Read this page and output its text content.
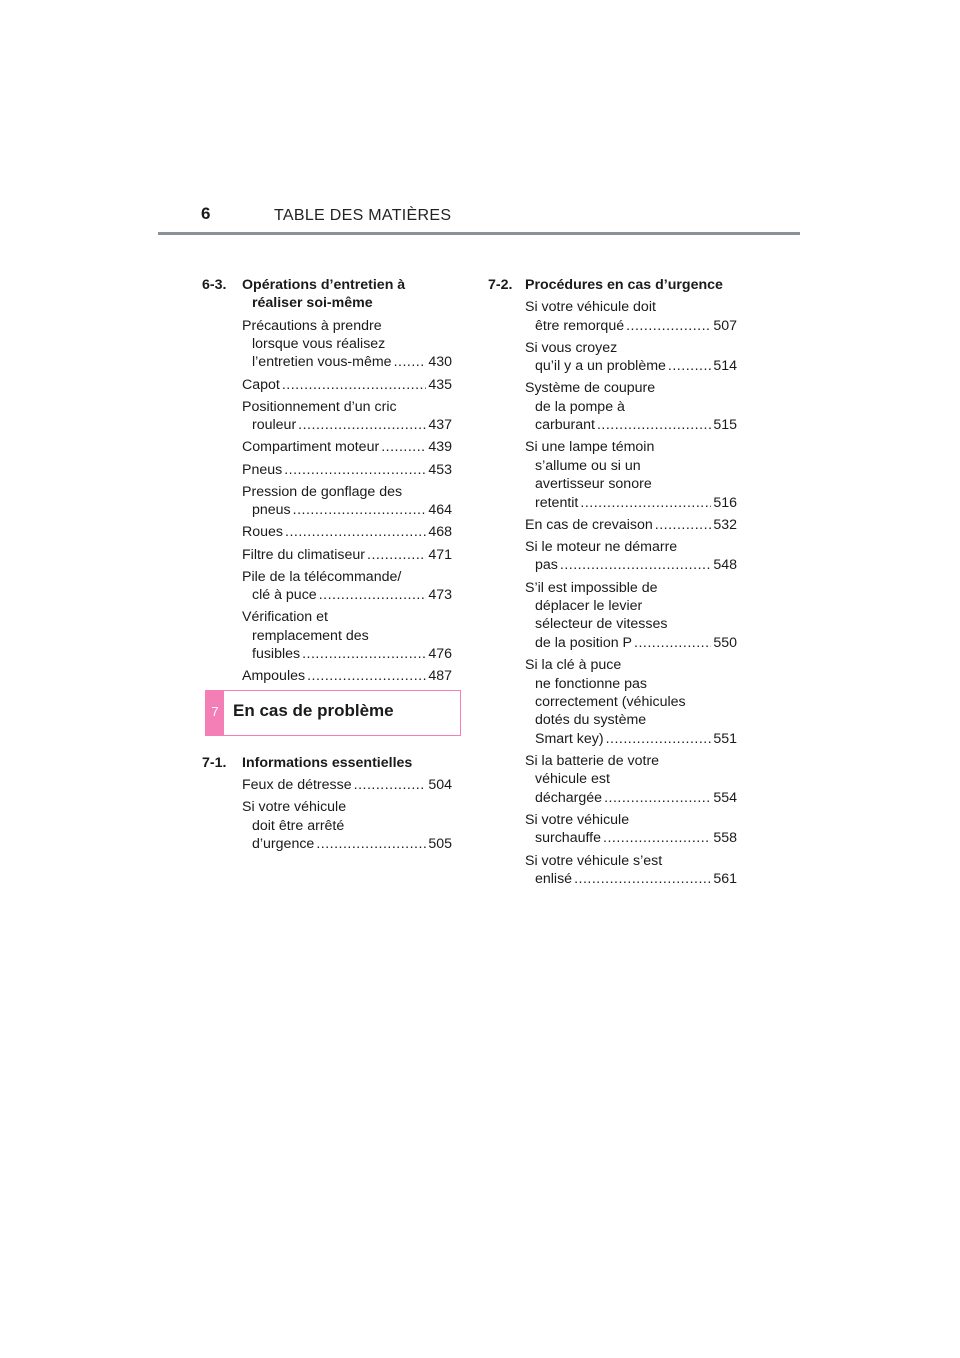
6	TABLE DES MATIÈRES
6-3. Opérations d’entretien à
réaliser soi-même
Précautions à prendre
lorsque vous réalisez
l’entretien vous-même .....	430
Capot .....	435
Positionnement d’un cric
rouleur .....	437
Compartiment moteur .....	439
Pneus .....	453
Pression de gonflage des
pneus .....	464
Roues .....	468
Filtre du climatiseur .....	471
Pile de la télécommande/
clé à puce .....	473
Vérification et
remplacement des
fusibles .....	476
Ampoules .....	487
7 En cas de problème
7-1. Informations essentielles
Feux de détresse .....	504
Si votre véhicule
doit être arrêté
d’urgence .....	505
7-2. Procédures en cas d’urgence
Si votre véhicule doit
être remorqué .....	507
Si vous croyez
qu’il y a un problème .....	514
Système de coupure
de la pompe à
carburant .....	515
Si une lampe témoin
s’allume ou si un
avertisseur sonore
retentit .....	516
En cas de crevaison .....	532
Si le moteur ne démarre
pas .....	548
S’il est impossible de
déplacer le levier
sélecteur de vitesses
de la position P .....	550
Si la clé à puce
ne fonctionne pas
correctement (véhicules
dotés du système
Smart key) .....	551
Si la batterie de votre
véhicule est
déchargée .....	554
Si votre véhicule
surchauffe .....	558
Si votre véhicule s’est
enlisé .....	561
